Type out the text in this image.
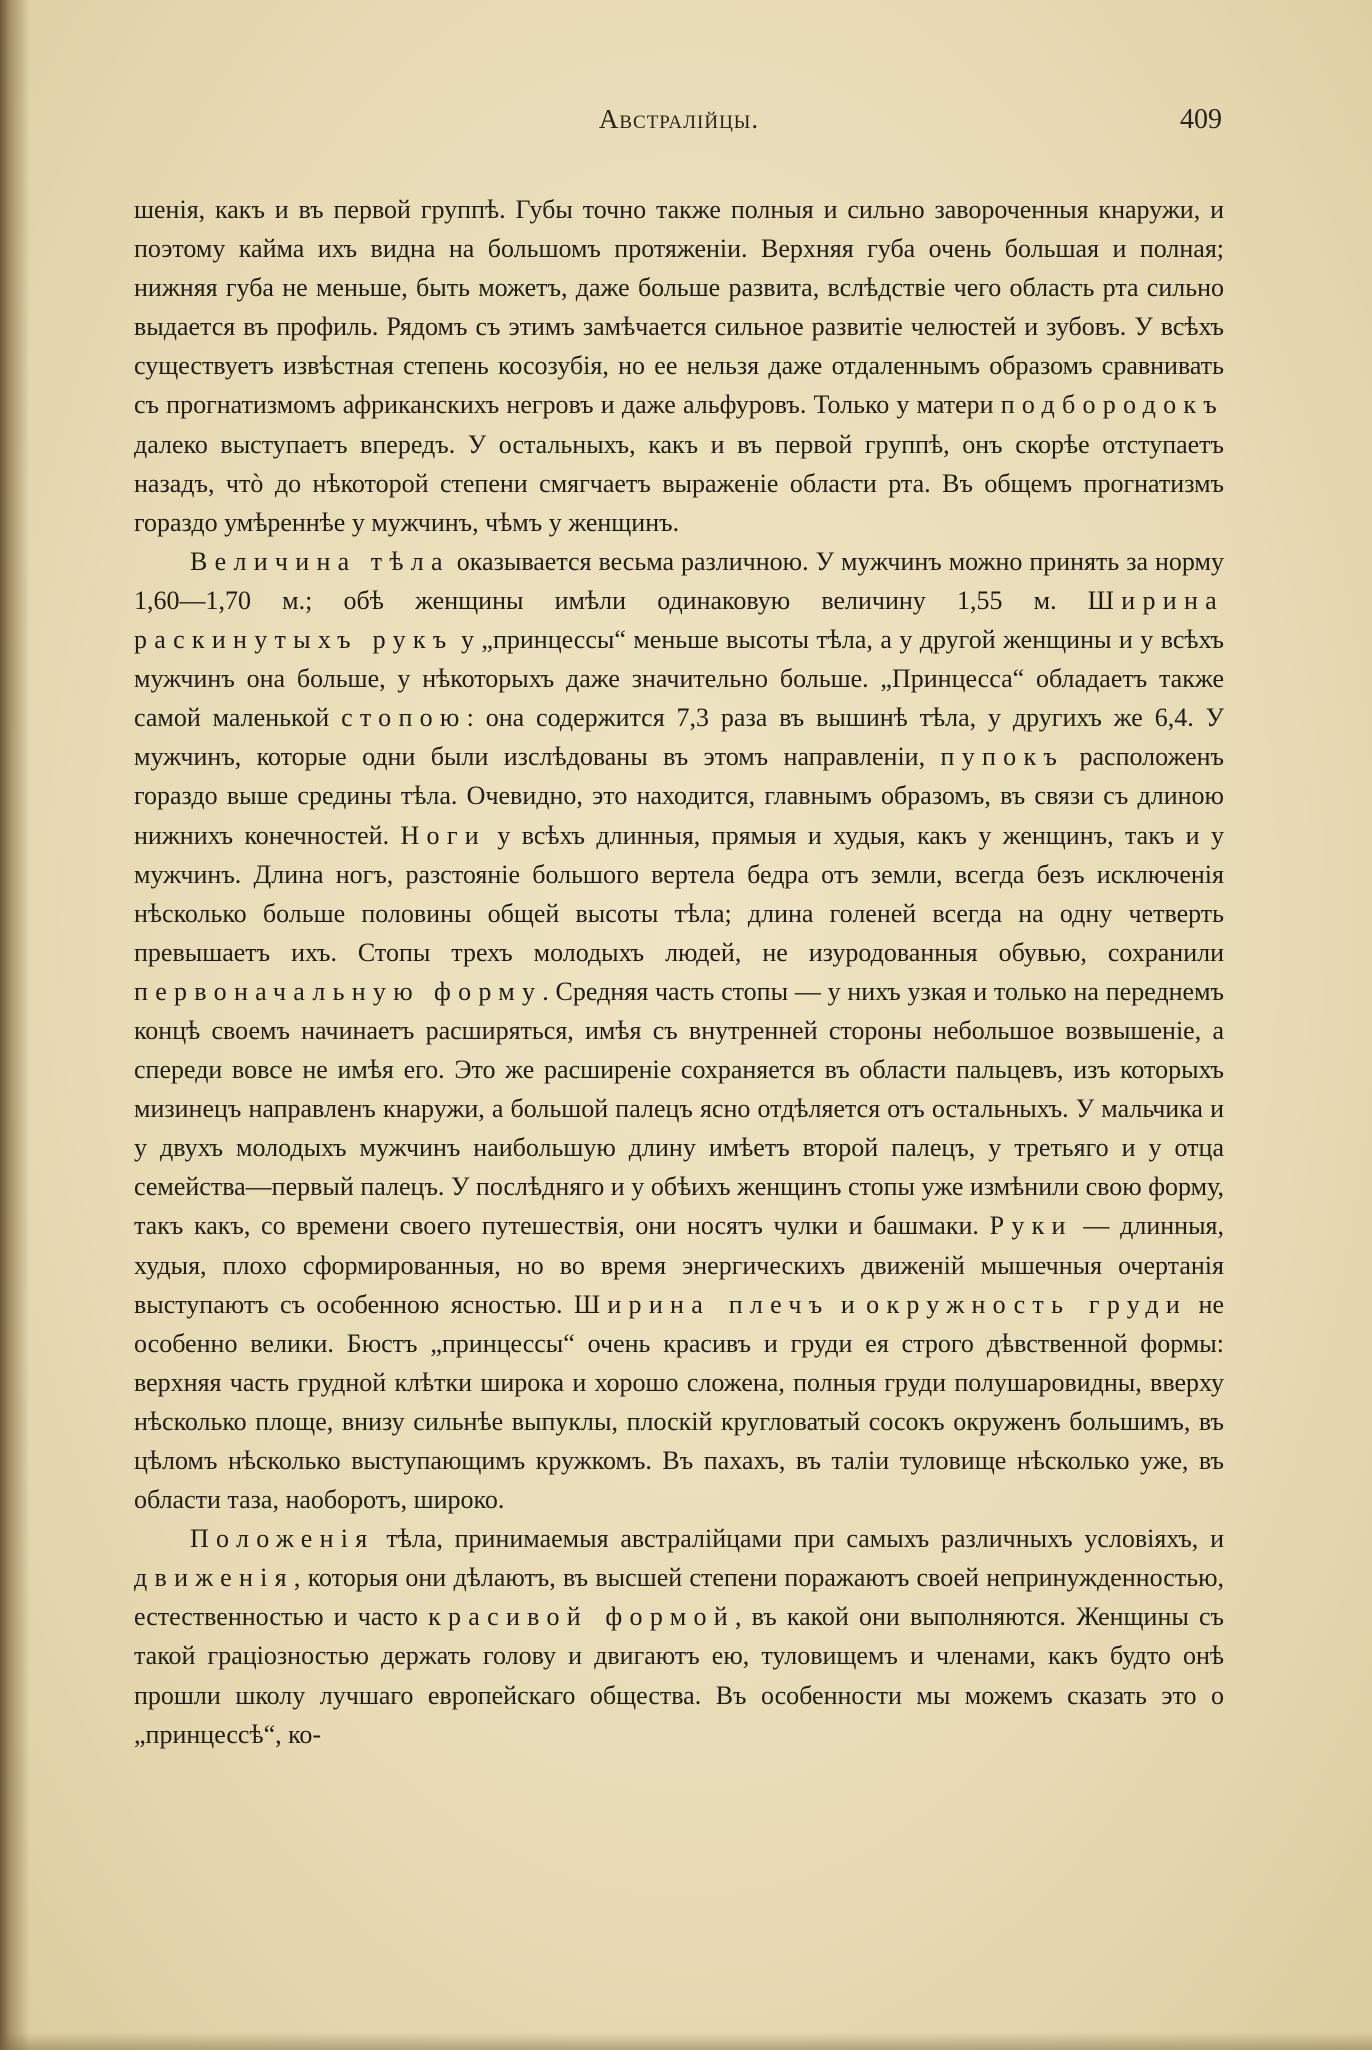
Австралійцы.	409

шенія, какъ и въ первой группѣ. Губы точно также полныя и сильно завороченныя кнаружи, и поэтому кайма ихъ видна на большомъ протяженіи. Верхняя губа очень большая и полная; нижняя губа не меньше, быть можетъ, даже больше развита, вслѣдствіе чего область рта сильно выдается въ профиль. Рядомъ съ этимъ замѣчается сильное развитіе челюстей и зубовъ. У всѣхъ существуетъ извѣстная степень косозубія, но ее нельзя даже отдаленнымъ образомъ сравнивать съ прогнатизмомъ африканскихъ негровъ и даже альфуровъ. Только у матери подбородокъ далеко выступаетъ впередъ. У остальныхъ, какъ и въ первой группѣ, онъ скорѣе отступаетъ назадъ, чтò до нѣкоторой степени смягчаетъ выраженіе области рта. Въ общемъ прогнатизмъ гораздо умѣреннѣе у мужчинъ, чѣмъ у женщинъ.

Величина тѣла оказывается весьма различною. У мужчинъ можно принять за норму 1,60—1,70 м.; обѣ женщины имѣли одинаковую величину 1,55 м. Ширина раскинутыхъ рукъ у „принцессы“ меньше высоты тѣла, а у другой женщины и у всѣхъ мужчинъ она больше, у нѣкоторыхъ даже значительно больше. „Принцесса“ обладаетъ также самой маленькой стопою: она содержится 7,3 раза въ вышинѣ тѣла, у другихъ же 6,4. У мужчинъ, которые одни были изслѣдованы въ этомъ направленіи, пупокъ расположенъ гораздо выше средины тѣла. Очевидно, это находится, главнымъ образомъ, въ связи съ длиною нижнихъ конечностей. Ноги у всѣхъ длинныя, прямыя и худыя, какъ у женщинъ, такъ и у мужчинъ. Длина ногъ, разстояніе большого вертела бедра отъ земли, всегда безъ исключенія нѣсколько больше половины общей высоты тѣла; длина голеней всегда на одну четверть превышаетъ ихъ. Стопы трехъ молодыхъ людей, не изуродованныя обувью, сохранили первоначальную форму. Средняя часть стопы — у нихъ узкая и только на переднемъ концѣ своемъ начинаетъ расширяться, имѣя съ внутренней стороны небольшое возвышеніе, а спереди вовсе не имѣя его. Это же расширеніе сохраняется въ области пальцевъ, изъ которыхъ мизинецъ направленъ кнаружи, а большой палецъ ясно отдѣляется отъ остальныхъ. У мальчика и у двухъ молодыхъ мужчинъ наибольшую длину имѣетъ второй палецъ, у третьяго и у отца семейства—первый палецъ. У послѣдняго и у обѣихъ женщинъ стопы уже измѣнили свою форму, такъ какъ, со времени своего путешествія, они носятъ чулки и башмаки. Руки — длинныя, худыя, плохо сформированныя, но во время энергическихъ движеній мышечныя очертанія выступаютъ съ особенною ясностью. Ширина плечъ и окружность груди не особенно велики. Бюстъ „принцессы“ очень красивъ и груди ея строго дѣвственной формы: верхняя часть грудной клѣтки широка и хорошо сложена, полныя груди полушаровидны, вверху нѣсколько площе, внизу сильнѣе выпуклы, плоскій кругловатый сосокъ окруженъ большимъ, въ цѣломъ нѣсколько выступающимъ кружкомъ. Въ пахахъ, въ таліи туловище нѣсколько уже, въ области таза, наоборотъ, широко.

Положенія тѣла, принимаемыя австралійцами при самыхъ различныхъ условіяхъ, и движенія, которыя они дѣлаютъ, въ высшей степени поражаютъ своей непринужденностью, естественностью и часто красивой формой, въ какой они выполняются. Женщины съ такой граціозностью держать голову и двигаютъ ею, туловищемъ и членами, какъ будто онѣ прошли школу лучшаго европейскаго общества. Въ особенности мы можемъ сказать это о „принцессѣ“, ко-
